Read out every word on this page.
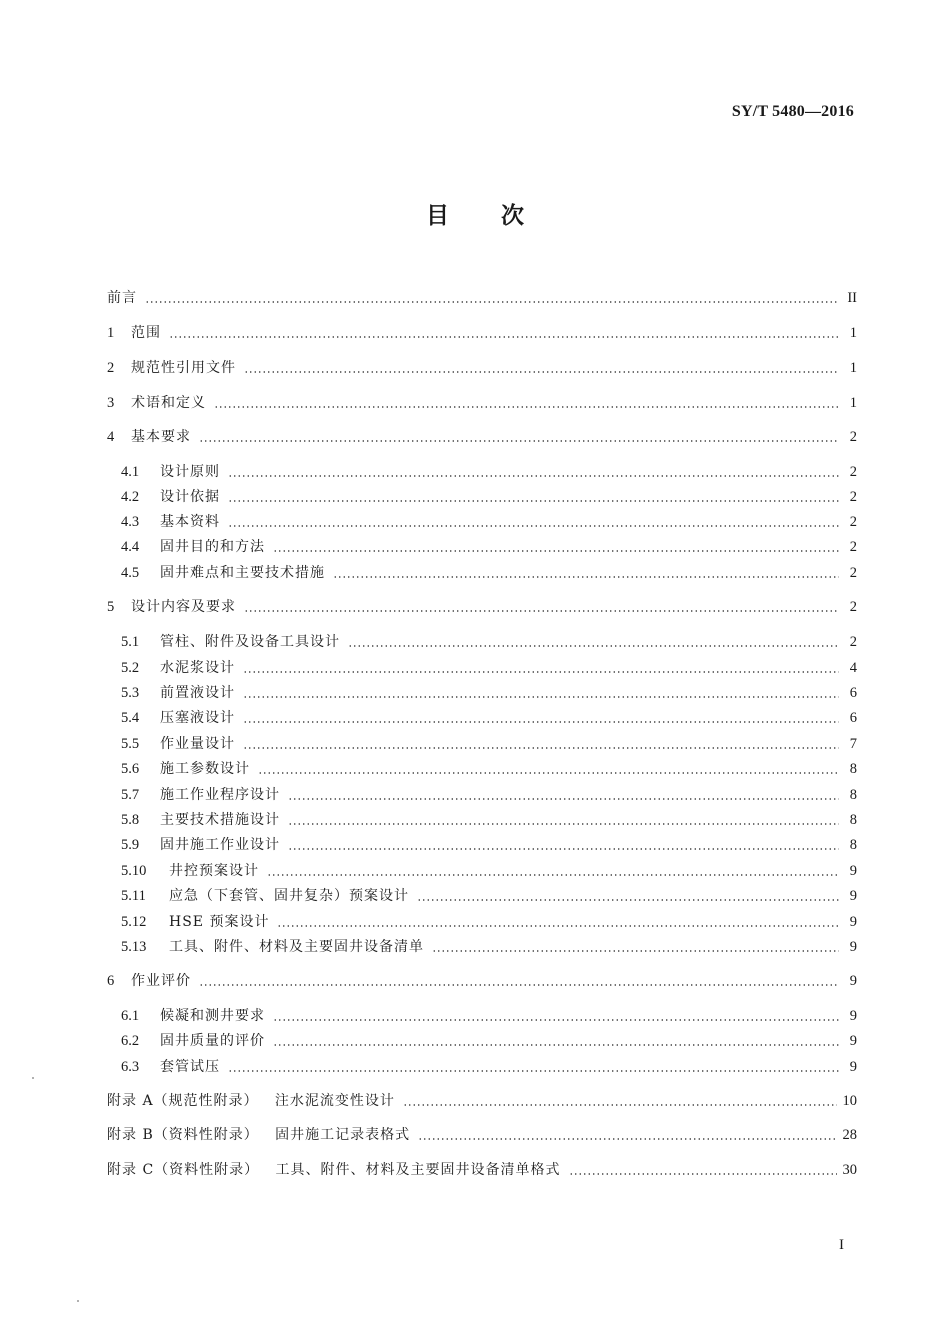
SY/T 5480—2016
目次
前言	II
1	范围	1
2	规范性引用文件	1
3	术语和定义	1
4	基本要求	2
4.1	设计原则	2
4.2	设计依据	2
4.3	基本资料	2
4.4	固井目的和方法	2
4.5	固井难点和主要技术措施	2
5	设计内容及要求	2
5.1	管柱、附件及设备工具设计	2
5.2	水泥浆设计	4
5.3	前置液设计	6
5.4	压塞液设计	6
5.5	作业量设计	7
5.6	施工参数设计	8
5.7	施工作业程序设计	8
5.8	主要技术措施设计	8
5.9	固井施工作业设计	8
5.10	井控预案设计	9
5.11	应急（下套管、固井复杂）预案设计	9
5.12	HSE 预案设计	9
5.13	工具、附件、材料及主要固井设备清单	9
6	作业评价	9
6.1	候凝和测井要求	9
6.2	固井质量的评价	9
6.3	套管试压	9
附录 A（规范性附录）   注水泥流变性设计	10
附录 B（资料性附录）   固井施工记录表格式	28
附录 C（资料性附录）   工具、附件、材料及主要固井设备清单格式	30
I
